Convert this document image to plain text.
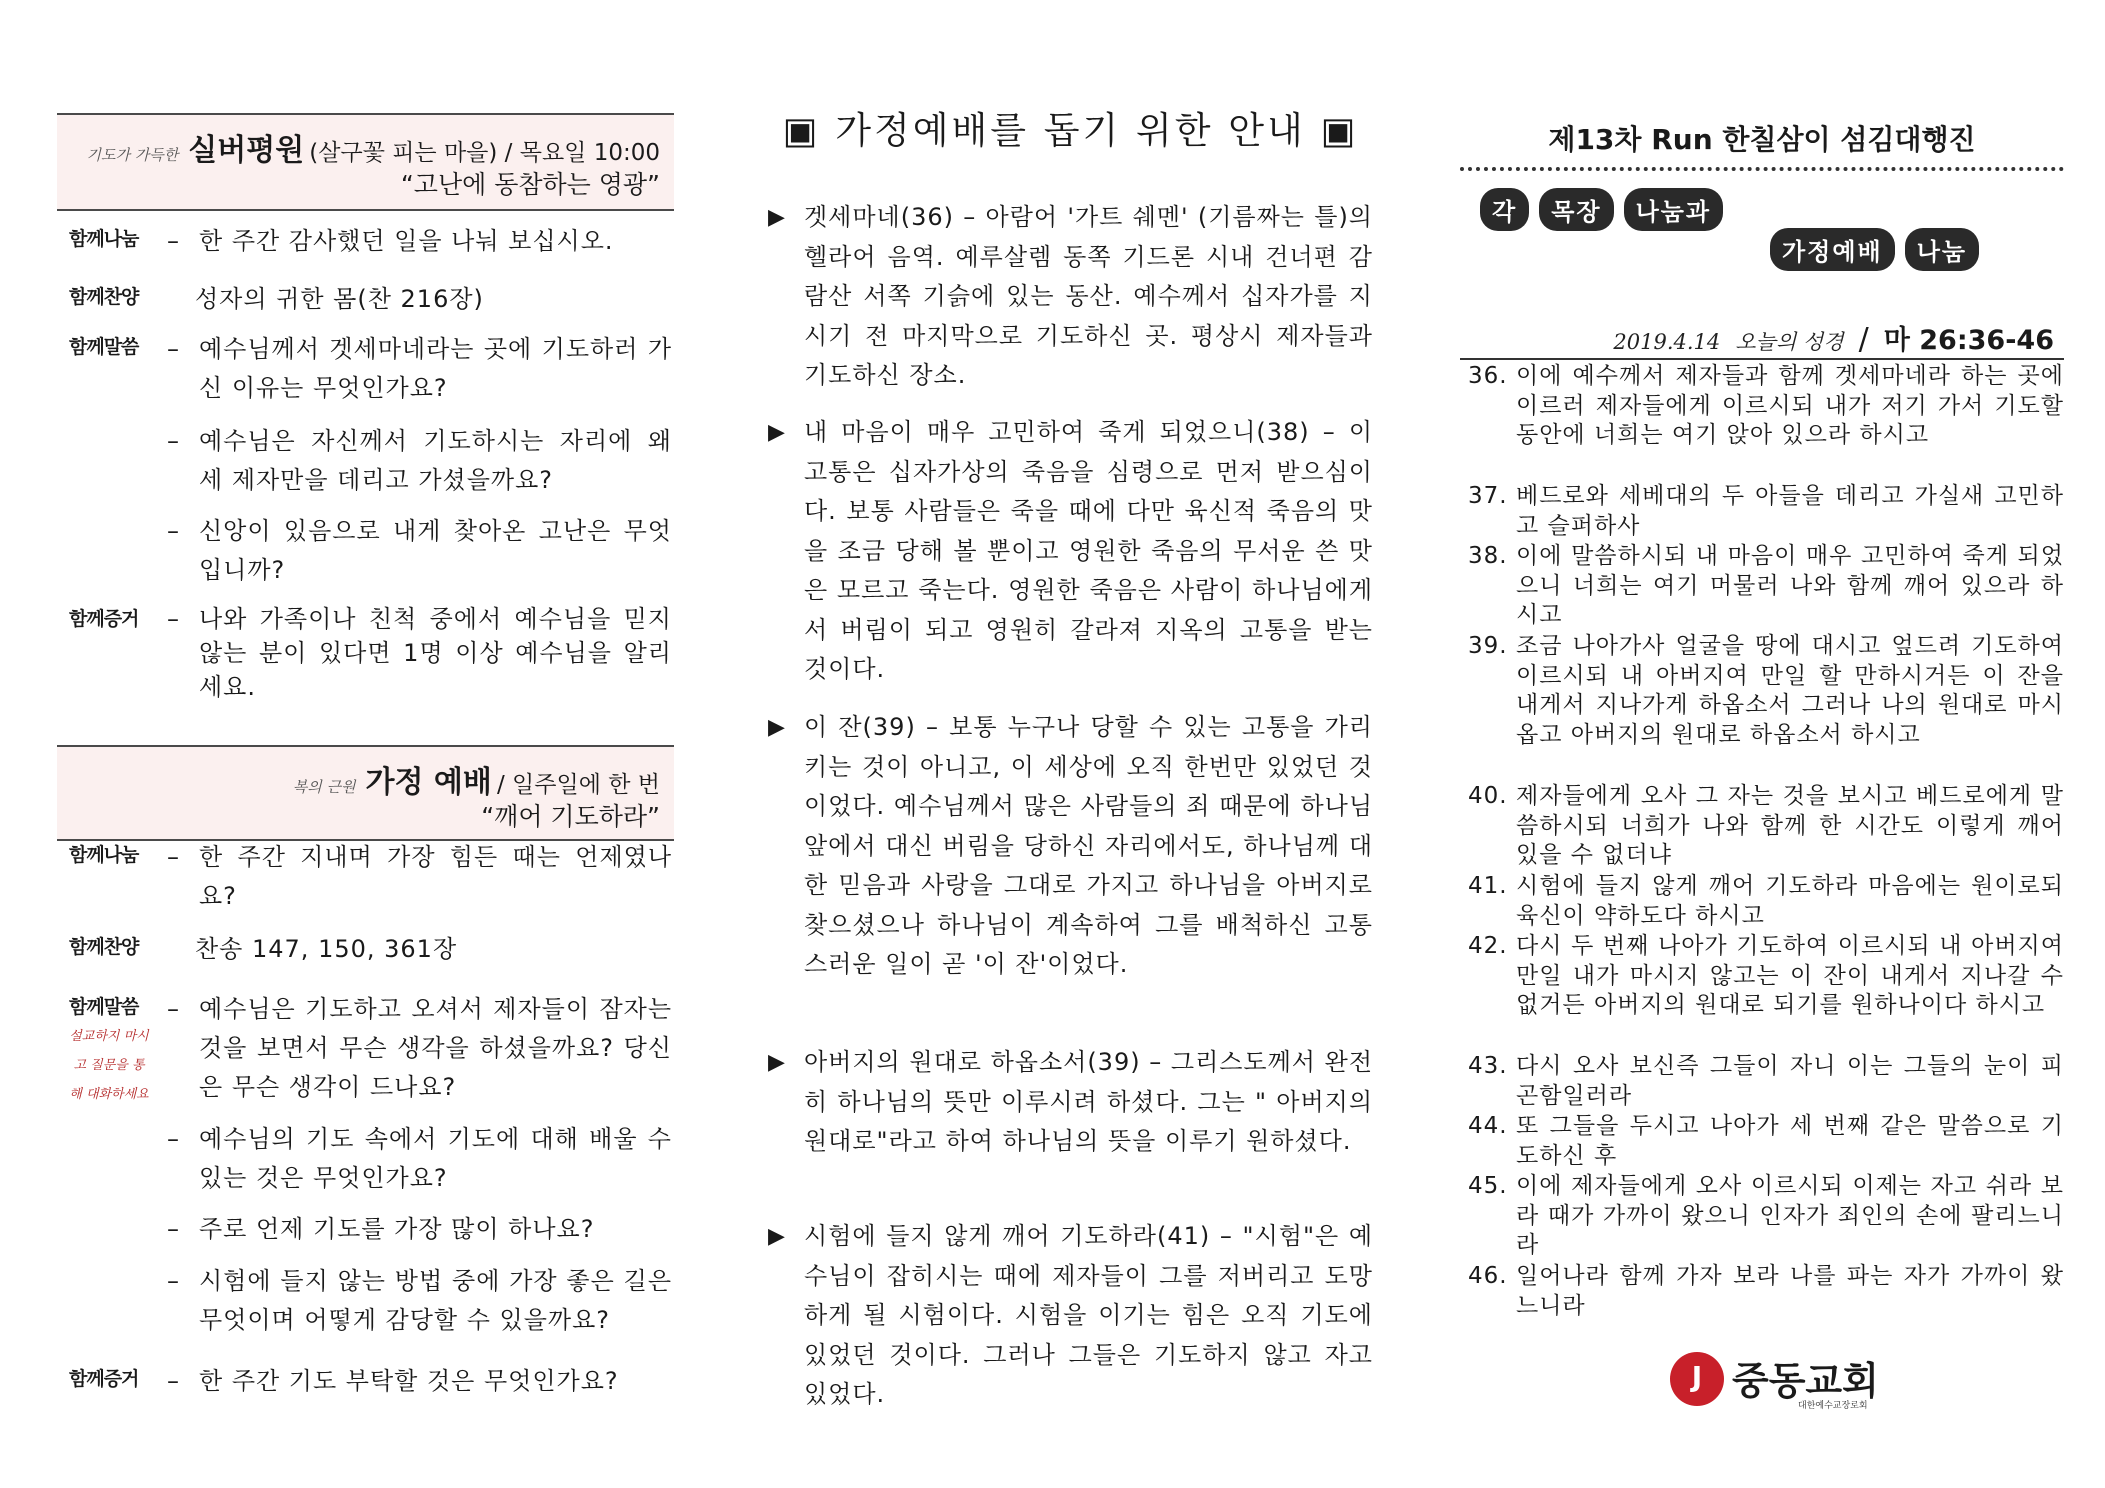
기도가 가득한 실버평원 (살구꽃 피는 마을) / 목요일 10:00
“고난에 동참하는 영광”
함께나눔 – 한 주간 감사했던 일을 나눠 보십시오.
함께찬양 성자의 귀한 몸(찬 216장)
함께말씀 – 예수님께서 겟세마네라는 곳에 기도하러 가신 이유는 무엇인가요?
– 예수님은 자신께서 기도하시는 자리에 왜 세 제자만을 데리고 가셨을까요?
– 신앙이 있음으로 내게 찾아온 고난은 무엇입니까?
함께증거 – 나와 가족이나 친척 중에서 예수님을 믿지 않는 분이 있다면 1명 이상 예수님을 알리세요.
복의 근원 가정 예배 / 일주일에 한 번
“깨어 기도하라”
함께나눔 – 한 주간 지내며 가장 힘든 때는 언제였나요?
함께찬양 찬송 147, 150, 361장
함께말씀
설교하지 마시고 질문을 통해 대화하세요
– 예수님은 기도하고 오셔서 제자들이 잠자는 것을 보면서 무슨 생각을 하셨을까요? 당신은 무슨 생각이 드나요?
– 예수님의 기도 속에서 기도에 대해 배울 수 있는 것은 무엇인가요?
– 주로 언제 기도를 가장 많이 하나요?
– 시험에 들지 않는 방법 중에 가장 좋은 길은 무엇이며 어떻게 감당할 수 있을까요?
함께증거 – 한 주간 기도 부탁할 것은 무엇인가요?
▣ 가정예배를 돕기 위한 안내 ▣
▶ 겟세마네(36) – 아람어 '가트 쉐멘' (기름짜는 틀)의 헬라어 음역. 예루살렘 동쪽 기드론 시내 건너편 감람산 서쪽 기슭에 있는 동산. 예수께서 십자가를 지시기 전 마지막으로 기도하신 곳. 평상시 제자들과 기도하신 장소.
▶ 내 마음이 매우 고민하여 죽게 되었으니(38) – 이 고통은 십자가상의 죽음을 심령으로 먼저 받으심이다. 보통 사람들은 죽을 때에 다만 육신적 죽음의 맛을 조금 당해 볼 뿐이고 영원한 죽음의 무서운 쓴 맛은 모르고 죽는다. 영원한 죽음은 사람이 하나님에게서 버림이 되고 영원히 갈라져 지옥의 고통을 받는 것이다.
▶ 이 잔(39) – 보통 누구나 당할 수 있는 고통을 가리키는 것이 아니고, 이 세상에 오직 한번만 있었던 것이었다. 예수님께서 많은 사람들의 죄 때문에 하나님 앞에서 대신 버림을 당하신 자리에서도, 하나님께 대한 믿음과 사랑을 그대로 가지고 하나님을 아버지로 찾으셨으나 하나님이 계속하여 그를 배척하신 고통스러운 일이 곧 '이 잔'이었다.
▶ 아버지의 원대로 하옵소서(39) – 그리스도께서 완전히 하나님의 뜻만 이루시려 하셨다. 그는 " 아버지의 원대로"라고 하여 하나님의 뜻을 이루기 원하셨다.
▶ 시험에 들지 않게 깨어 기도하라(41) – "시험"은 예수님이 잡히시는 때에 제자들이 그를 저버리고 도망하게 될 시험이다. 시험을 이기는 힘은 오직 기도에 있었던 것이다. 그러나 그들은 기도하지 않고 자고 있었다.
제13차 Run 한칠삼이 섬김대행진
각 목장 나눔과
가정예배 나눔
2019.4.14 오늘의 성경 / 마 26:36-46
36. 이에 예수께서 제자들과 함께 겟세마네라 하는 곳에 이르러 제자들에게 이르시되 내가 저기 가서 기도할 동안에 너희는 여기 앉아 있으라 하시고
37. 베드로와 세베대의 두 아들을 데리고 가실새 고민하고 슬퍼하사
38. 이에 말씀하시되 내 마음이 매우 고민하여 죽게 되었으니 너희는 여기 머물러 나와 함께 깨어 있으라 하시고
39. 조금 나아가사 얼굴을 땅에 대시고 엎드려 기도하여 이르시되 내 아버지여 만일 할 만하시거든 이 잔을 내게서 지나가게 하옵소서 그러나 나의 원대로 마시옵고 아버지의 원대로 하옵소서 하시고
40. 제자들에게 오사 그 자는 것을 보시고 베드로에게 말씀하시되 너희가 나와 함께 한 시간도 이렇게 깨어 있을 수 없더냐
41. 시험에 들지 않게 깨어 기도하라 마음에는 원이로되 육신이 약하도다 하시고
42. 다시 두 번째 나아가 기도하여 이르시되 내 아버지여 만일 내가 마시지 않고는 이 잔이 내게서 지나갈 수 없거든 아버지의 원대로 되기를 원하나이다 하시고
43. 다시 오사 보신즉 그들이 자니 이는 그들의 눈이 피곤함일러라
44. 또 그들을 두시고 나아가 세 번째 같은 말씀으로 기도하신 후
45. 이에 제자들에게 오사 이르시되 이제는 자고 쉬라 보라 때가 가까이 왔으니 인자가 죄인의 손에 팔리느니라
46. 일어나라 함께 가자 보라 나를 파는 자가 가까이 왔느니라
J 중동교회
대한예수교장로회
